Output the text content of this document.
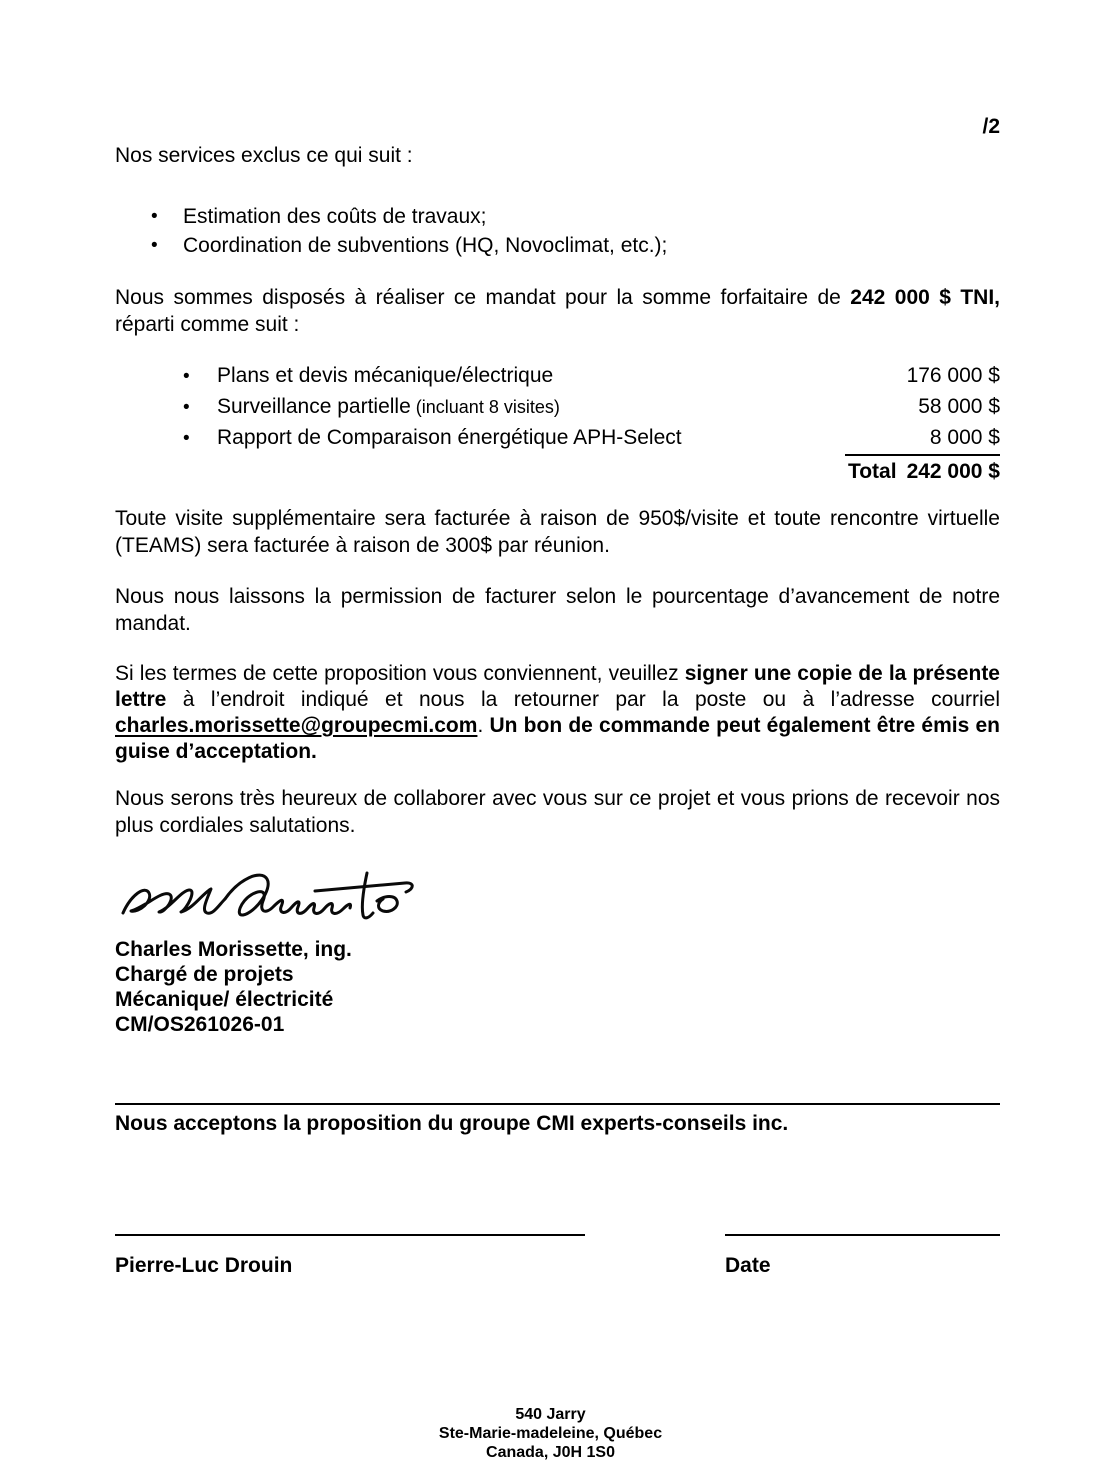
/2

Nos services exclus ce qui suit :

• Estimation des coûts de travaux;
• Coordination de subventions (HQ, Novoclimat, etc.);

Nous sommes disposés à réaliser ce mandat pour la somme forfaitaire de 242 000 $ TNI, réparti comme suit :

•	Plans et devis mécanique/électrique	176 000 $
•	Surveillance partielle (incluant 8 visites)	58 000 $
•	Rapport de Comparaison énergétique APH-Select	8 000 $
Total 242 000 $

Toute visite supplémentaire sera facturée à raison de 950$/visite et toute rencontre virtuelle (TEAMS) sera facturée à raison de 300$ par réunion.

Nous nous laissons la permission de facturer selon le pourcentage d’avancement de notre mandat.

Si les termes de cette proposition vous conviennent, veuillez signer une copie de la présente lettre à l’endroit indiqué et nous la retourner par la poste ou à l’adresse courriel charles.morissette@groupecmi.com. Un bon de commande peut également être émis en guise d’acceptation.

Nous serons très heureux de collaborer avec vous sur ce projet et vous prions de recevoir nos plus cordiales salutations.

Charles Morissette, ing.
Chargé de projets
Mécanique/ électricité
CM/OS261026-01
Nous acceptons la proposition du groupe CMI experts-conseils inc.
Pierre-Luc Drouin	Date
540 Jarry
Ste-Marie-madeleine, Québec
Canada, J0H 1S0
